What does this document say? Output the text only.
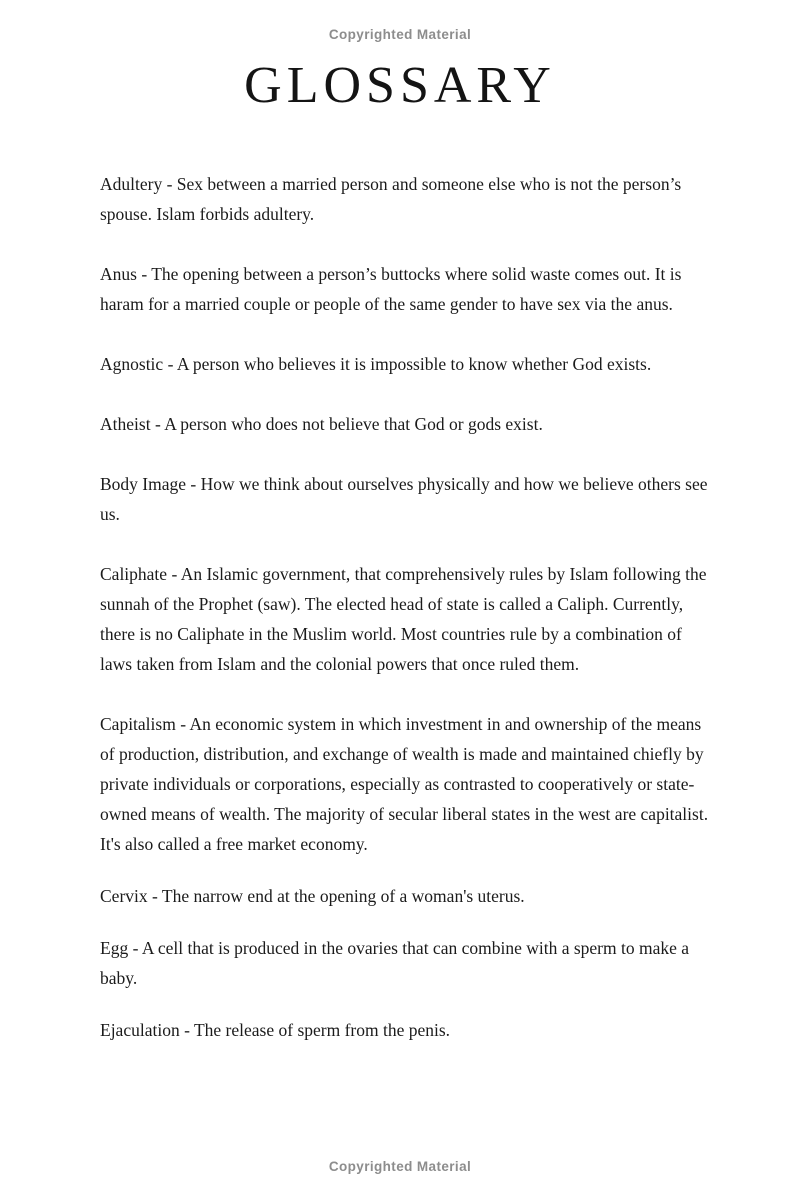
Copyrighted Material
GLOSSARY

Adultery - Sex between a married person and someone else who is not the person’s spouse. Islam forbids adultery.

Anus - The opening between a person’s buttocks where solid waste comes out. It is haram for a married couple or people of the same gender to have sex via the anus.

Agnostic - A person who believes it is impossible to know whether God exists.

Atheist - A person who does not believe that God or gods exist.

Body Image - How we think about ourselves physically and how we believe others see us.

Caliphate - An Islamic government, that comprehensively rules by Islam following the sunnah of the Prophet (saw). The elected head of state is called a Caliph. Currently, there is no Caliphate in the Muslim world. Most countries rule by a combination of laws taken from Islam and the colonial powers that once ruled them.

Capitalism - An economic system in which investment in and ownership of the means of production, distribution, and exchange of wealth is made and maintained chiefly by private individuals or corporations, especially as contrasted to cooperatively or state-owned means of wealth. The majority of secular liberal states in the west are capitalist. It's also called a free market economy.

Cervix - The narrow end at the opening of a woman's uterus.

Egg - A cell that is produced in the ovaries that can combine with a sperm to make a baby.

Ejaculation - The release of sperm from the penis.

Copyrighted Material
